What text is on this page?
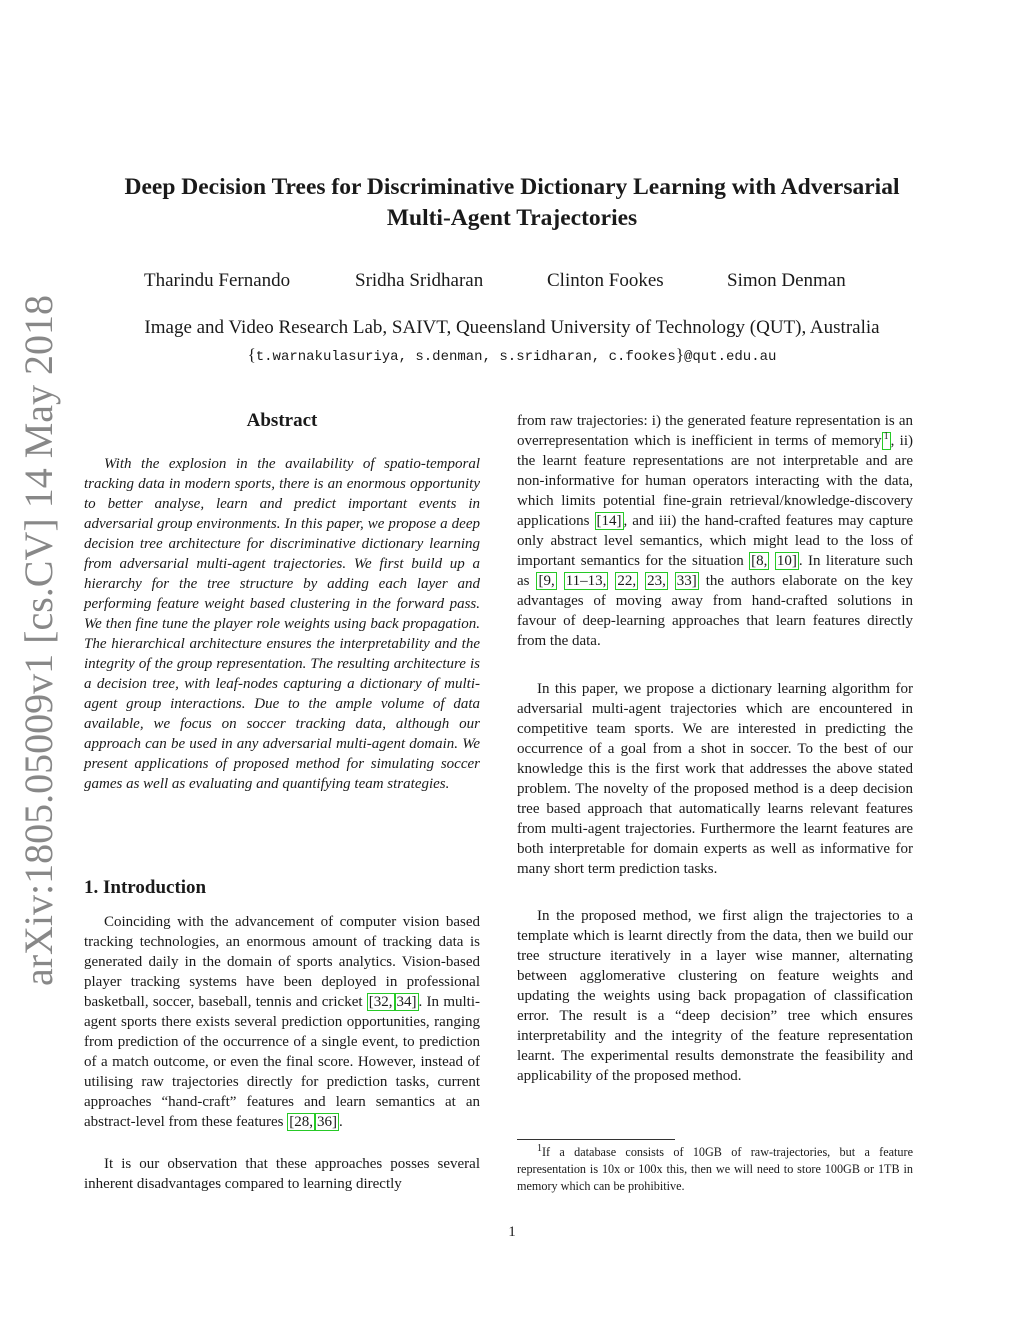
arXiv:1805.05009v1 [cs.CV] 14 May 2018
Deep Decision Trees for Discriminative Dictionary Learning with Adversarial
Multi-Agent Trajectories
Tharindu Fernando	Sridha Sridharan	Clinton Fookes	Simon Denman
Image and Video Research Lab, SAIVT, Queensland University of Technology (QUT), Australia
{t.warnakulasuriya, s.denman, s.sridharan, c.fookes}@qut.edu.au
Abstract
With the explosion in the availability of spatio-temporal tracking data in modern sports, there is an enormous opportunity to better analyse, learn and predict important events in adversarial group environments. In this paper, we propose a deep decision tree architecture for discriminative dictionary learning from adversarial multi-agent trajectories. We first build up a hierarchy for the tree structure by adding each layer and performing feature weight based clustering in the forward pass. We then fine tune the player role weights using back propagation. The hierarchical architecture ensures the interpretability and the integrity of the group representation. The resulting architecture is a decision tree, with leaf-nodes capturing a dictionary of multi-agent group interactions. Due to the ample volume of data available, we focus on soccer tracking data, although our approach can be used in any adversarial multi-agent domain. We present applications of proposed method for simulating soccer games as well as evaluating and quantifying team strategies.
1. Introduction

Coinciding with the advancement of computer vision based tracking technologies, an enormous amount of tracking data is generated daily in the domain of sports analytics. Vision-based player tracking systems have been deployed in professional basketball, soccer, baseball, tennis and cricket [32, 34] . In multi-agent sports there exists several prediction opportunities, ranging from prediction of the occurrence of a single event, to prediction of a match outcome, or even the final score. However, instead of utilising raw trajectories directly for prediction tasks, current approaches “hand-craft” features and learn semantics at an abstract-level from these features [28, 36] .

It is our observation that these approaches posses several inherent disadvantages compared to learning directly

from raw trajectories: i) the generated feature representation is an overrepresentation which is inefficient in terms of memory $^1$ , ii) the learnt feature representations are not interpretable and are non-informative for human operators interacting with the data, which limits potential fine-grain retrieval/knowledge-discovery applications [14] , and iii) the hand-crafted features may capture only abstract level semantics, which might lead to the loss of important semantics for the situation [8, 10] . In literature such as [9, 11–13, 22, 23, 33] the authors elaborate on the key advantages of moving away from hand-crafted solutions in favour of deep-learning approaches that learn features directly from the data.

In this paper, we propose a dictionary learning algorithm for adversarial multi-agent trajectories which are encountered in competitive team sports. We are interested in predicting the occurrence of a goal from a shot in soccer. To the best of our knowledge this is the first work that addresses the above stated problem. The novelty of the proposed method is a deep decision tree based approach that automatically learns relevant features from multi-agent trajectories. Furthermore the learnt features are both interpretable for domain experts as well as informative for many short term prediction tasks.

In the proposed method, we first align the trajectories to a template which is learnt directly from the data, then we build our tree structure iteratively in a layer wise manner, alternating between agglomerative clustering on feature weights and updating the weights using back propagation of classification error. The result is a “deep decision” tree which ensures interpretability and the integrity of the feature representation learnt. The experimental results demonstrate the feasibility and applicability of the proposed method.

$^1$If a database consists of 10GB of raw-trajectories, but a feature representation is 10x or 100x this, then we will need to store 100GB or 1TB in memory which can be prohibitive.
1
